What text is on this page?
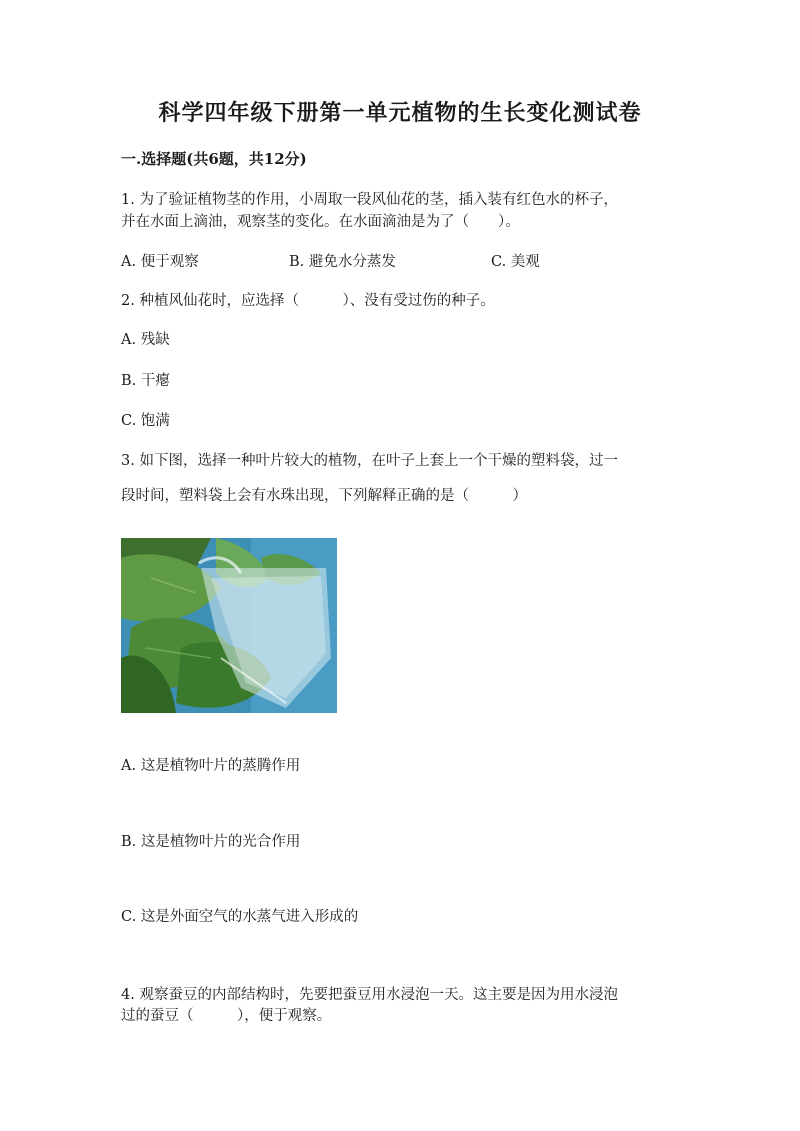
科学四年级下册第一单元植物的生长变化测试卷
一.选择题(共6题，共12分)
1. 为了验证植物茎的作用，小周取一段风仙花的茎，插入装有红色水的杯子，
并在水面上滴油，观察茎的变化。在水面滴油是为了（　　）。
A. 便于观察	B. 避免水分蒸发	C. 美观
2. 种植风仙花时，应选择（　　　）、没有受过伤的种子。
A. 残缺
B. 干瘪
C. 饱满
3. 如下图，选择一种叶片较大的植物，在叶子上套上一个干燥的塑料袋，过一
段时间，塑料袋上会有水珠出现，下列解释正确的是（　　　）
A. 这是植物叶片的蒸腾作用
B. 这是植物叶片的光合作用
C. 这是外面空气的水蒸气进入形成的
4. 观察蚕豆的内部结构时，先要把蚕豆用水浸泡一天。这主要是因为用水浸泡
过的蚕豆（　　　），便于观察。
